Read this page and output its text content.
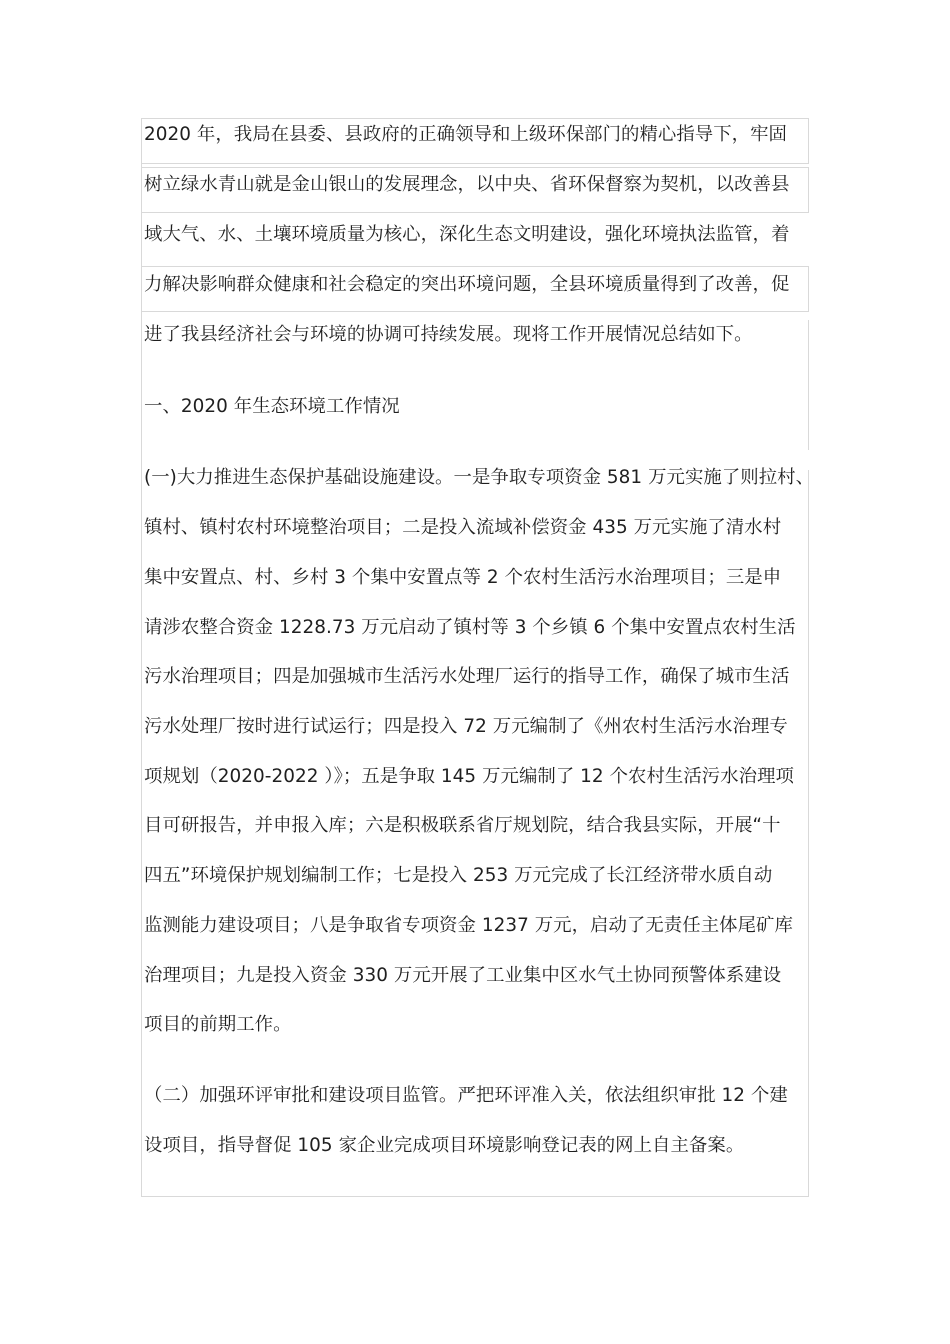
2020 年，我局在县委、县政府的正确领导和上级环保部门的精心指导下，牢固
树立绿水青山就是金山银山的发展理念，以中央、省环保督察为契机，以改善县
域大气、水、土壤环境质量为核心，深化生态文明建设，强化环境执法监管，着
力解决影响群众健康和社会稳定的突出环境问题，全县环境质量得到了改善，促
进了我县经济社会与环境的协调可持续发展。现将工作开展情况总结如下。
一、2020 年生态环境工作情况
(一)大力推进生态保护基础设施建设。一是争取专项资金 581 万元实施了则拉村、
镇村、镇村农村环境整治项目；二是投入流域补偿资金 435 万元实施了清水村
集中安置点、村、乡村 3 个集中安置点等 2 个农村生活污水治理项目；三是申
请涉农整合资金 1228.73 万元启动了镇村等 3 个乡镇 6 个集中安置点农村生活
污水治理项目；四是加强城市生活污水处理厂运行的指导工作，确保了城市生活
污水处理厂按时进行试运行；四是投入 72 万元编制了《州农村生活污水治理专
项规划（2020-2022 ）》；五是争取 145 万元编制了 12 个农村生活污水治理项
目可研报告，并申报入库；六是积极联系省厅规划院，结合我县实际，开展“十
四五”环境保护规划编制工作；七是投入 253 万元完成了长江经济带水质自动
监测能力建设项目；八是争取省专项资金 1237 万元，启动了无责任主体尾矿库
治理项目；九是投入资金 330 万元开展了工业集中区水气土协同预警体系建设
项目的前期工作。
（二）加强环评审批和建设项目监管。严把环评准入关，依法组织审批 12 个建
设项目，指导督促 105 家企业完成项目环境影响登记表的网上自主备案。
